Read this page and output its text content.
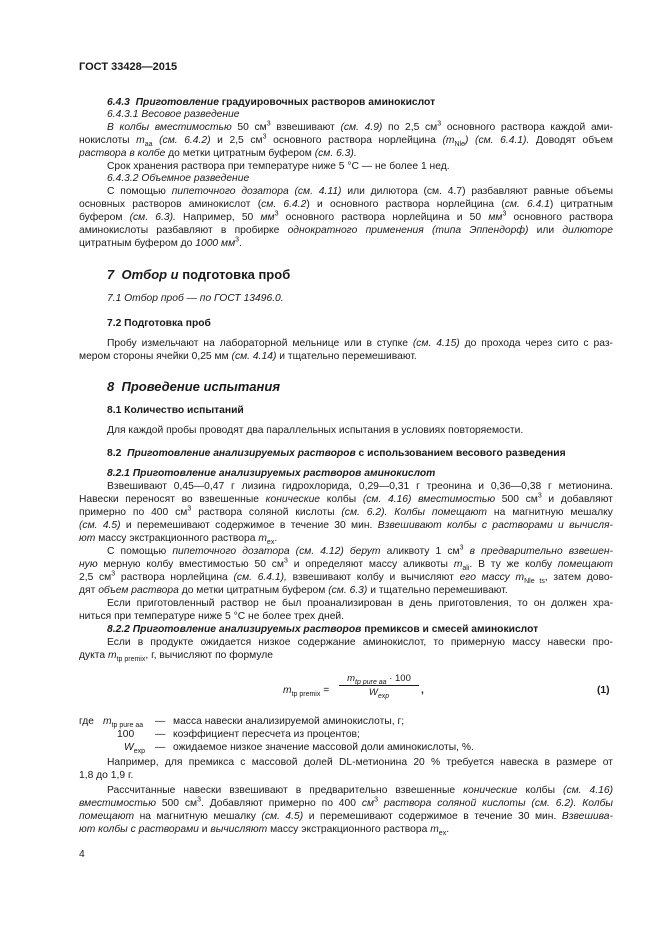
ГОСТ 33428—2015
6.4.3 Приготовление градуировочных растворов аминокислот
6.4.3.1 Весовое разведение
В колбы вместимостью 50 $см^3$ взвешивают (см. 4.9) по 2,5 $см^3$ основного раствора каждой ами-
нокислоты $m_{aa}$ (см. 6.4.2) и 2,5 $см^3$ основного раствора норлейцина $(m_{Nle})$ (см. 6.4.1). Доводят объем
раствора в колбе до метки цитратным буфером (см. 6.3).
Срок хранения раствора при температуре ниже 5 °С — не более 1 нед.
6.4.3.2 Объемное разведение
С помощью пипеточного дозатора (см. 4.11) или дилютора (см. 4.7) разбавляют равные объемы
основных растворов аминокислот (см. 6.4.2) и основного раствора норлейцина (см. 6.4.1) цитратным
буфером (см. 6.3). Например, 50 $мм^3$ основного раствора норлейцина и 50 $мм^3$ основного раствора
аминокислоты разбавляют в пробирке однократного применения (типа Эппендорф) или дилюторе
цитратным буфером до 1000 $мм^3$.
7 Отбор и подготовка проб
7.1 Отбор проб — по ГОСТ 13496.0.
7.2 Подготовка проб
Пробу измельчают на лабораторной мельнице или в ступке (см. 4.15) до прохода через сито с раз-
мером стороны ячейки 0,25 мм (см. 4.14) и тщательно перемешивают.
8 Проведение испытания
8.1 Количество испытаний
Для каждой пробы проводят два параллельных испытания в условиях повторяемости.
8.2 Приготовление анализируемых растворов с использованием весового разведения
8.2.1 Приготовление анализируемых растворов аминокислот
Взвешивают 0,45—0,47 г лизина гидрохлорида, 0,29—0,31 г треонина и 0,36—0,38 г метионина.
Навески переносят во взвешенные конические колбы (см. 4.16) вместимостью 500 $см^3$ и добавляют
примерно по 400 $см^3$ раствора соляной кислоты (см. 6.2). Колбы помещают на магнитную мешалку
(см. 4.5) и перемешивают содержимое в течение 30 мин. Взвешивают колбы с растворами и вычисля-
ют массу экстракционного раствора $m_{ex}$.
С помощью пипеточного дозатора (см. 4.12) берут аликвоту 1 $см^3$ в предварительно взвешен-
ную мерную колбу вместимостью 50 $см^3$ и определяют массу аликвоты $m_{ali}$. В ту же колбу помещают
2,5 $см^3$ раствора норлейцина (см. 6.4.1), взвешивают колбу и вычисляют его массу $m_{Nle ts}$, затем дово-
дят объем раствора до метки цитратным буфером (см. 6.3) и тщательно перемешивают.
Если приготовленный раствор не был проанализирован в день приготовления, то он должен хра-
ниться при температуре ниже 5 °С не более трех дней.
8.2.2 Приготовление анализируемых растворов премиксов и смесей аминокислот
Если в продукте ожидается низкое содержание аминокислот, то примерную массу навески про-
дукта $m_{tp premix}$, г, вычисляют по формуле
$m_{tp premix}$ =
$m_{tp pure aa} \cdot 100$
$W_{exp}$
,	(1)
где $m_{tp pure aa}$ — масса навески анализируемой аминокислоты, г;
100 — коэффициент пересчета из процентов;
$W_{exp}$ — ожидаемое низкое значение массовой доли аминокислоты, %.
Например, для премикса с массовой долей DL-метионина 20 % требуется навеска в размере от
1,8 до 1,9 г.
Рассчитанные навески взвешивают в предварительно взвешенные конические колбы (см. 4.16)
вместимостью 500 $см^3$. Добавляют примерно по 400 $см^3$ раствора соляной кислоты (см. 6.2). Колбы
помещают на магнитную мешалку (см. 4.5) и перемешивают содержимое в течение 30 мин. Взвешива-
ют колбы с растворами и вычисляют массу экстракционного раствора $m_{ex}$.
4
